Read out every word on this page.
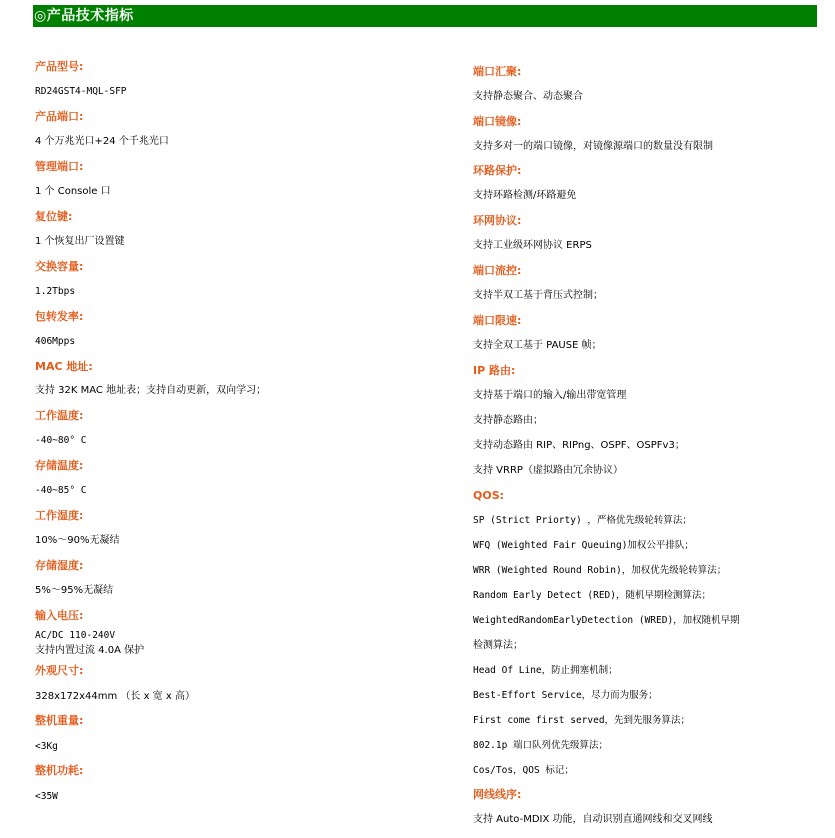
◎产品技术指标
产品型号:
RD24GST4-MQL-SFP
产品端口:
4 个万兆光口+24 个千兆光口
管理端口:
1 个 Console 口
复位键:
1 个恢复出厂设置键
交换容量:
1.2Tbps
包转发率:
406Mpps
MAC 地址:
支持 32K MAC 地址表；支持自动更新，双向学习；
工作温度:
-40~80° C
存储温度:
-40~85° C
工作湿度:
10%～90%无凝结
存储湿度:
5%～95%无凝结
输入电压:
AC/DC 110-240V
支持内置过流 4.0A 保护
外观尺寸:
328x172x44mm （长 x 宽 x 高）
整机重量:
<3Kg
整机功耗:
<35W
端口汇聚:
支持静态聚合、动态聚合
端口镜像:
支持多对一的端口镜像，对镜像源端口的数量没有限制
环路保护:
支持环路检测/环路避免
环网协议:
支持工业级环网协议 ERPS
端口流控:
支持半双工基于背压式控制；
端口限速:
支持全双工基于 PAUSE 帧；
IP 路由:
支持基于端口的输入/输出带宽管理
支持静态路由；
支持动态路由 RIP、RIPng、OSPF、OSPFv3；
支持 VRRP（虚拟路由冗余协议）
QOS:
SP (Strict Priorty) ，严格优先级轮转算法；
WFQ (Weighted Fair Queuing)加权公平排队；
WRR (Weighted Round Robin)，加权优先级轮转算法；
Random Early Detect (RED)，随机早期检测算法；
WeightedRandomEarlyDetection (WRED)，加权随机早期
检测算法；
Head Of Line，防止拥塞机制；
Best-Effort Service，尽力而为服务；
First come first served，先到先服务算法；
802.1p 端口队列优先级算法；
Cos/Tos，QOS 标记；
网线线序:
支持 Auto-MDIX 功能，自动识别直通网线和交叉网线
